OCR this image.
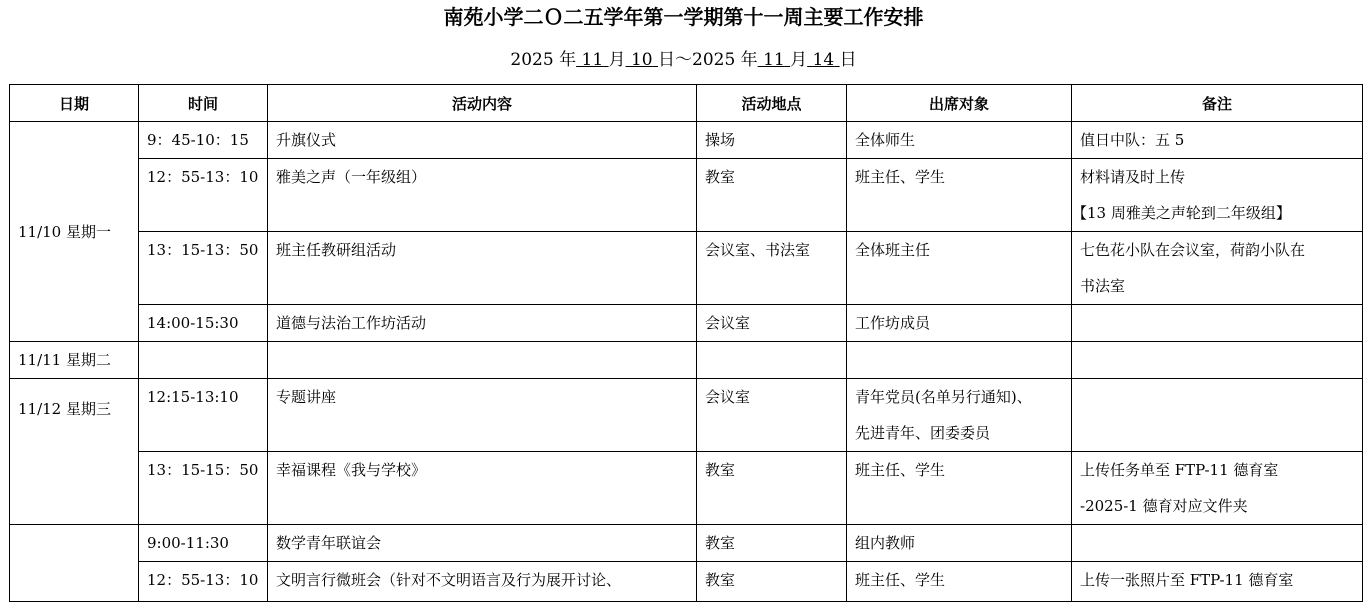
南苑小学二Ｏ二五学年第一学期第十一周主要工作安排
2025 年 11 月 10 日～2025 年 11 月 14 日
日期	时间	活动内容	活动地点	出席对象	备注

11/10 星期一	9：45-10：15	升旗仪式	操场	全体师生	值日中队：五 5

	12：55-13：10	雅美之声（一年级组）	教室	班主任、学生	材料请及时上传
【13 周雅美之声轮到二年级组】

	13：15-13：50	班主任教研组活动	会议室、书法室	全体班主任	七色花小队在会议室，荷韵小队在
书法室

	14:00-15:30	道德与法治工作坊活动	会议室	工作坊成员	

11/11 星期二					

11/12 星期三	12:15-13:10	专题讲座	会议室	青年党员(名单另行通知)、
先进青年、团委委员	

	13：15-15：50	幸福课程《我与学校》	教室	班主任、学生	上传任务单至 FTP-11 德育室
-2025-1 德育对应文件夹

	9:00-11:30	数学青年联谊会	教室	组内教师	

	12：55-13：10	文明言行微班会（针对不文明语言及行为展开讨论、	教室	班主任、学生	上传一张照片至 FTP-11 德育室
